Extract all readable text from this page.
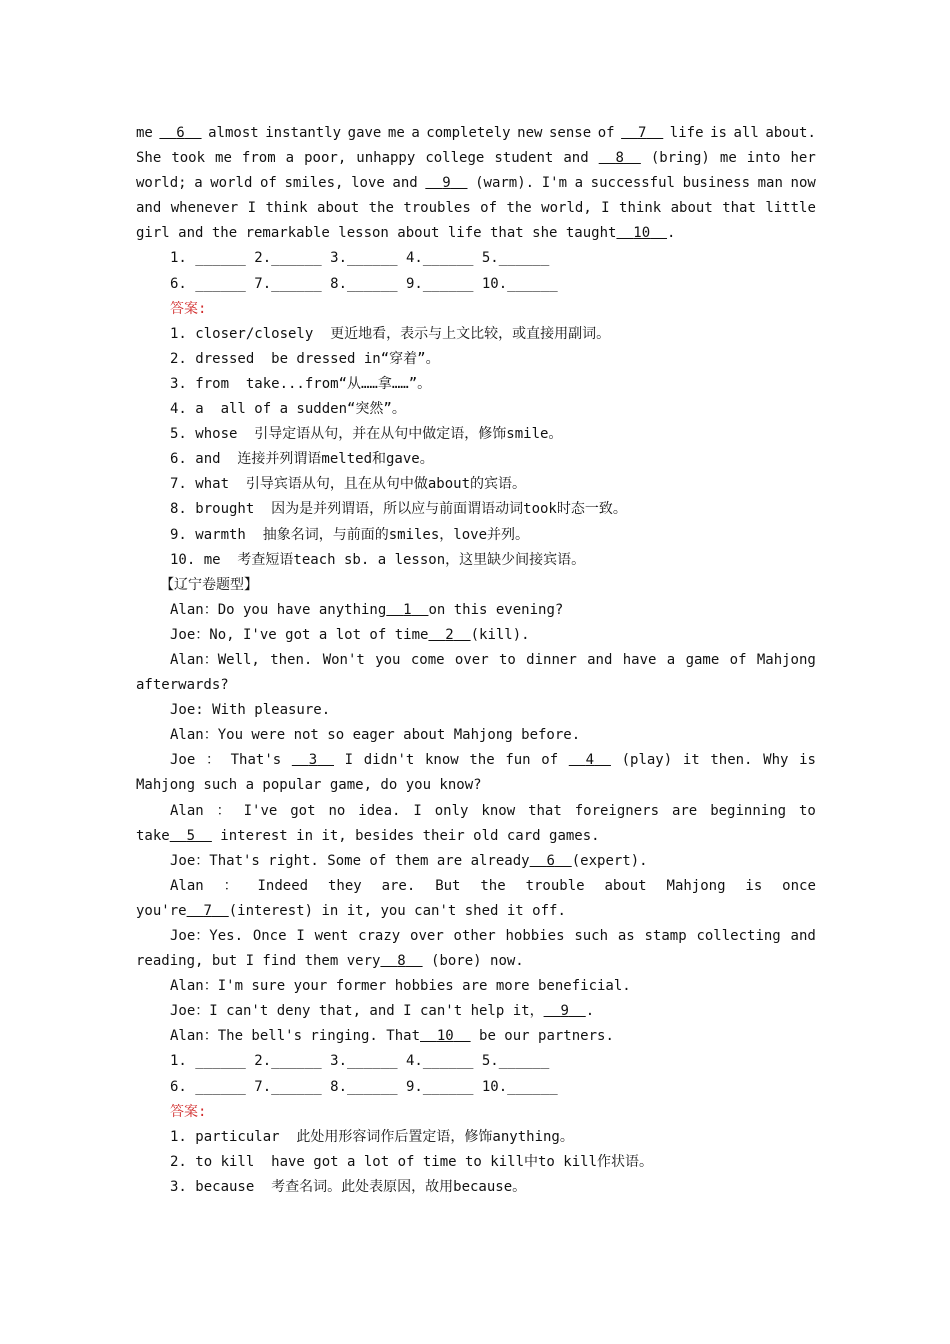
me	6	almost instantly gave me a completely new sense of	7	life is all about.
She took me from a poor, unhappy college student and	8	(bring) me into her
world; a world of smiles, love and	9	(warm). I'm a successful business man now
and whenever I think about the troubles of the world, I think about that little
girl and the remarkable lesson about life that she taught 10 .
1. ______ 2.______ 3.______ 4.______ 5.______
6. ______ 7.______ 8.______ 9.______ 10.______
答案:
1. closer/closely  更近地看，表示与上文比较，或直接用副词。
2. dressed  be dressed in“穿着”。
3. from  take...from“从……拿……”。
4. a  all of a sudden“突然”。
5. whose  引导定语从句，并在从句中做定语，修饰smile。
6. and  连接并列谓语melted和gave。
7. what  引导宾语从句，且在从句中做about的宾语。
8. brought  因为是并列谓语，所以应与前面谓语动词took时态一致。
9. warmth  抽象名词，与前面的smiles，love并列。
10. me  考查短语teach sb. a lesson，这里缺少间接宾语。
【辽宁卷题型】
Alan：Do you have anything 1 on this evening?
Joe：No, I've got a lot of time 2 (kill).
Alan：Well, then. Won't you come over to dinner and have a game of Mahjong
afterwards?
Joe: With pleasure.
Alan：You were not so eager about Mahjong before.
Joe ： That's	3	I didn't know the fun of	4	(play) it then. Why is
Mahjong such a popular game, do you know?
Alan ： I've got no idea. I only know that foreigners are beginning to
take 5   interest in it, besides their old card games.
Joe：That's right. Some of them are already 6 (expert).
Alan ： Indeed they are. But the trouble about Mahjong is once
you're 7 (interest) in it, you can't shed it off.
Joe：Yes. Once I went crazy over other hobbies such as stamp collecting and
reading, but I find them very 8   (bore) now.
Alan：I'm sure your former hobbies are more beneficial.
Joe：I can't deny that, and I can't help it， 9 .
Alan：The bell's ringing. That 10   be our partners.
1. ______ 2.______ 3.______ 4.______ 5.______
6. ______ 7.______ 8.______ 9.______ 10.______
答案:
1. particular  此处用形容词作后置定语，修饰anything。
2. to kill  have got a lot of time to kill中to kill作状语。
3. because  考查名词。此处表原因，故用because。
